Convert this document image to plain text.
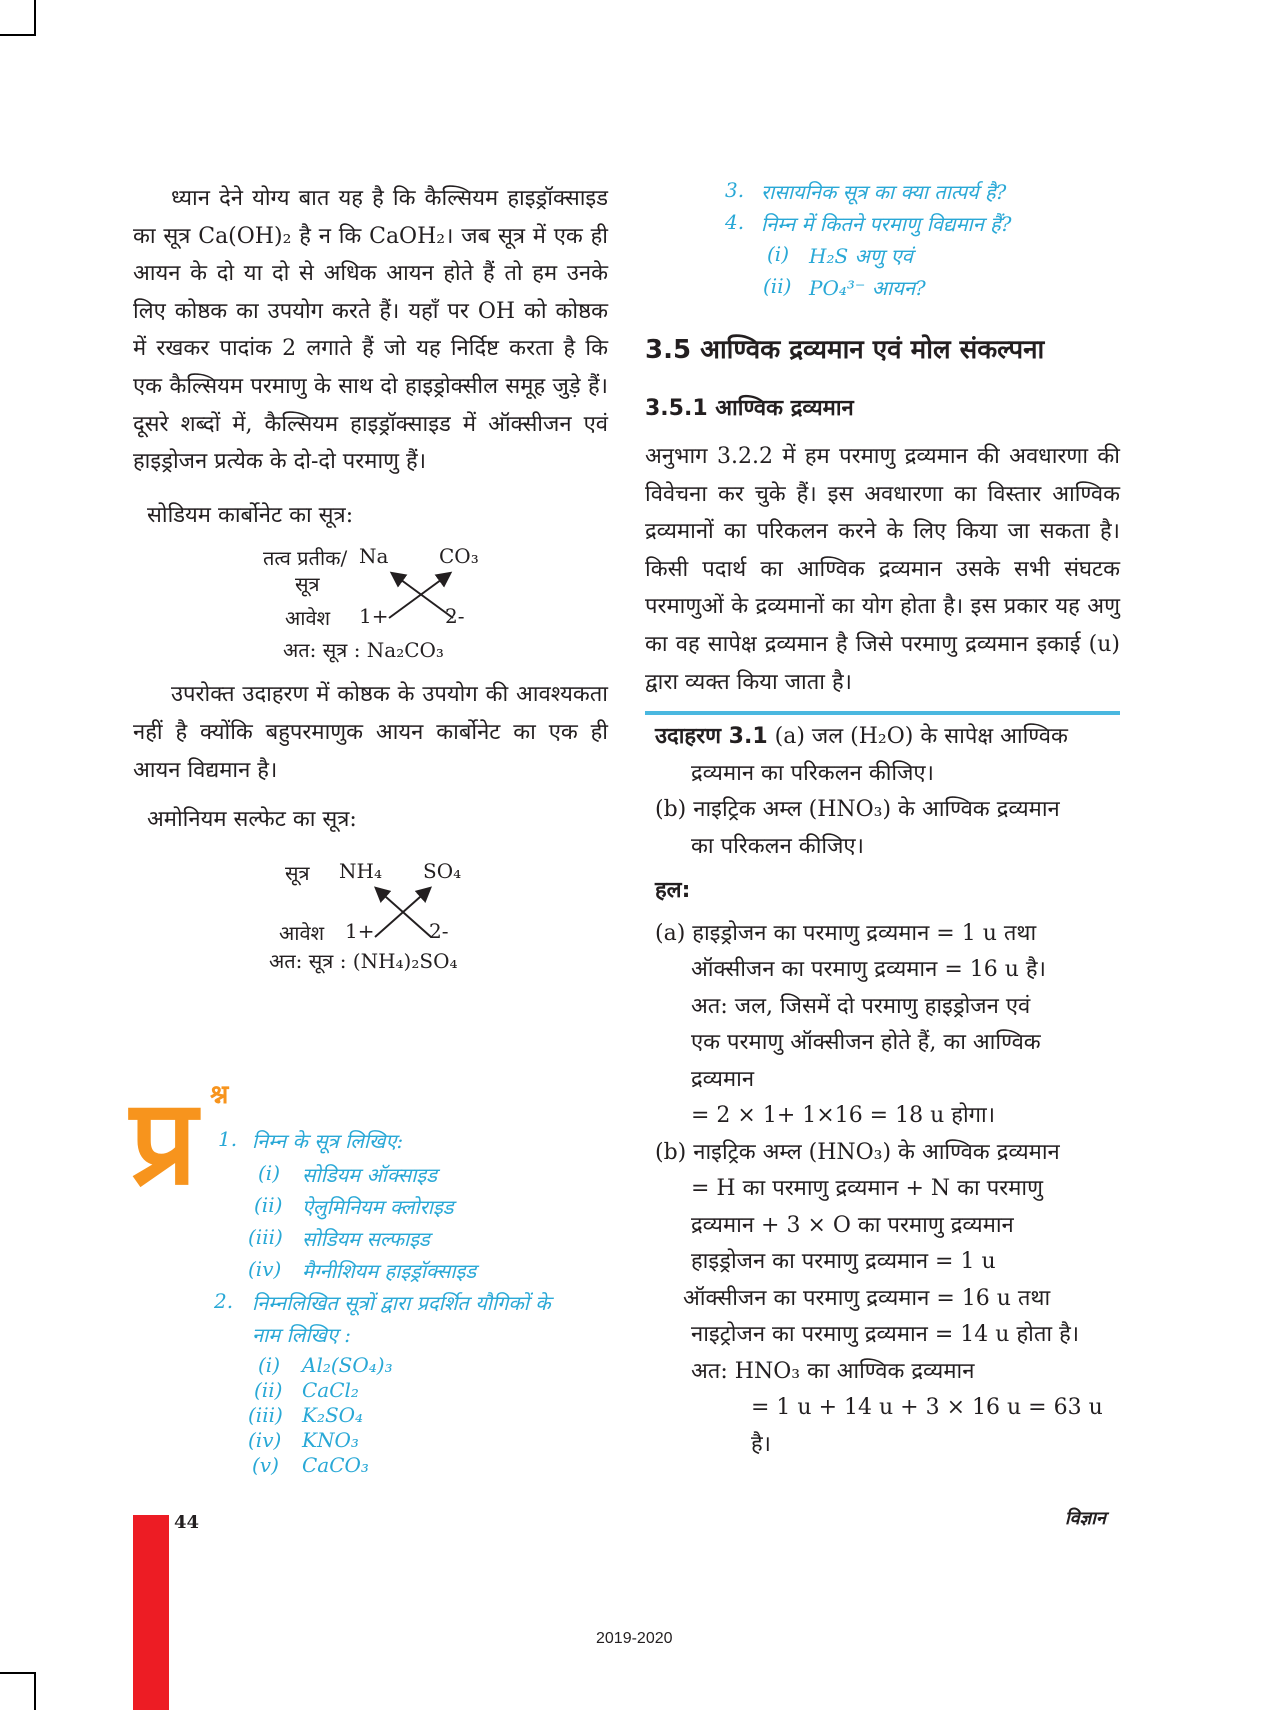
ध्यान देने योग्य बात यह है कि कैल्सियम हाइड्रॉक्साइड का सूत्र Ca(OH)₂ है न कि CaOH₂। जब सूत्र में एक ही आयन के दो या दो से अधिक आयन होते हैं तो हम उनके लिए कोष्ठक का उपयोग करते हैं। यहाँ पर OH को कोष्ठक में रखकर पादांक 2 लगाते हैं जो यह निर्दिष्ट करता है कि एक कैल्सियम परमाणु के साथ दो हाइड्रोक्सील समूह जुड़े हैं। दूसरे शब्दों में, कैल्सियम हाइड्रॉक्साइड में ऑक्सीजन एवं हाइड्रोजन प्रत्येक के दो-दो परमाणु हैं।

सोडियम कार्बोनेट का सूत्र:

तत्व प्रतीक/
सूत्र
Na	CO₃
आवेश 1+	2-
अत: सूत्र : Na₂CO₃

उपरोक्त उदाहरण में कोष्ठक के उपयोग की आवश्यकता नहीं है क्योंकि बहुपरमाणुक आयन कार्बोनेट का एक ही आयन विद्यमान है।

अमोनियम सल्फेट का सूत्र:

सूत्र NH₄ SO₄
आवेश 1+	2-
अत: सूत्र : (NH₄)₂SO₄
प्र श्न
1. निम्न के सूत्र लिखिए:
(i) सोडियम ऑक्साइड
(ii) ऐलुमिनियम क्लोराइड
(iii) सोडियम सल्फाइड
(iv) मैग्नीशियम हाइड्रॉक्साइड
2. निम्नलिखित सूत्रों द्वारा प्रदर्शित यौगिकों के
नाम लिखिए :
(i) Al₂(SO₄)₃
(ii) CaCl₂
(iii) K₂SO₄
(iv) KNO₃
(v) CaCO₃
3. रासायनिक सूत्र का क्या तात्पर्य है?
4. निम्न में कितने परमाणु विद्यमान हैं?
(i) H₂S अणु एवं
(ii) PO₄³⁻ आयन?
3.5 आण्विक द्रव्यमान एवं मोल संकल्पना
3.5.1 आण्विक द्रव्यमान

अनुभाग 3.2.2 में हम परमाणु द्रव्यमान की अवधारणा की विवेचना कर चुके हैं। इस अवधारणा का विस्तार आण्विक द्रव्यमानों का परिकलन करने के लिए किया जा सकता है। किसी पदार्थ का आण्विक द्रव्यमान उसके सभी संघटक परमाणुओं के द्रव्यमानों का योग होता है। इस प्रकार यह अणु का वह सापेक्ष द्रव्यमान है जिसे परमाणु द्रव्यमान इकाई (u) द्वारा व्यक्त किया जाता है।

उदाहरण 3.1 (a) जल (H₂O) के सापेक्ष आण्विक

द्रव्यमान का परिकलन कीजिए।

(b) नाइट्रिक अम्ल (HNO₃) के आण्विक द्रव्यमान

का परिकलन कीजिए।

हल:

(a) हाइड्रोजन का परमाणु द्रव्यमान = 1 u तथा

ऑक्सीजन का परमाणु द्रव्यमान = 16 u है।

अत: जल, जिसमें दो परमाणु हाइड्रोजन एवं

एक परमाणु ऑक्सीजन होते हैं, का आण्विक

द्रव्यमान

= 2 × 1+ 1×16 = 18 u होगा।

(b) नाइट्रिक अम्ल (HNO₃) के आण्विक द्रव्यमान

= H का परमाणु द्रव्यमान + N का परमाणु

द्रव्यमान + 3 × O का परमाणु द्रव्यमान

हाइड्रोजन का परमाणु द्रव्यमान = 1 u

ऑक्सीजन का परमाणु द्रव्यमान = 16 u तथा

नाइट्रोजन का परमाणु द्रव्यमान = 14 u होता है।

अत: HNO₃ का आण्विक द्रव्यमान

= 1 u + 14 u + 3 × 16 u = 63 u है।

44	विज्ञान
2019-2020
